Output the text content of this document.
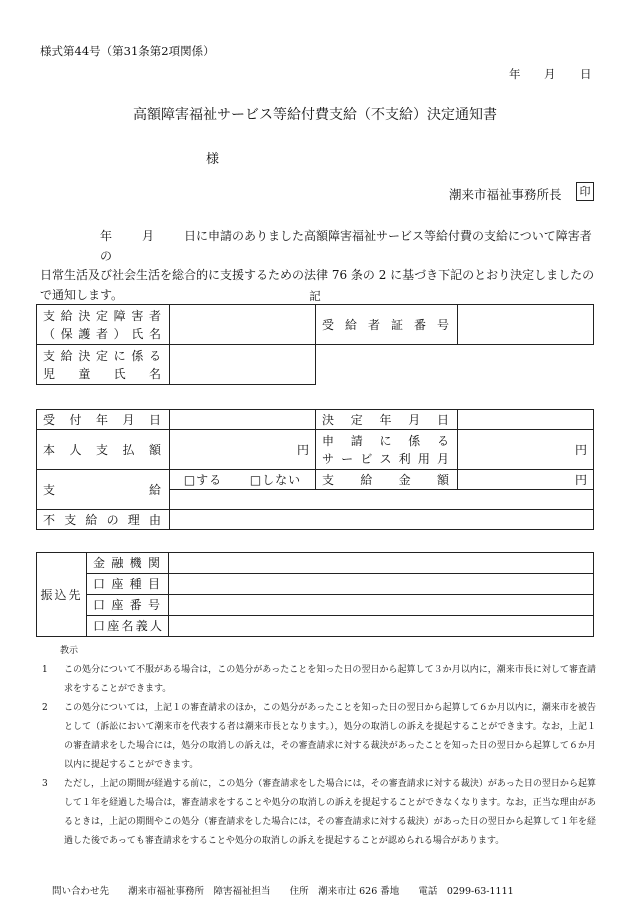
様式第44号（第31条第2項関係）
年 月 日
高額障害福祉サービス等給付費支給（不支給）決定通知書
様
潮来市福祉事務所長	印
年	月	日に申請のありました高額障害福祉サービス等給付費の支給について障害者の
日常生活及び社会生活を総合的に支援するための法律 76 条の 2 に基づき下記のとおり決定しましたの
で通知します。	記
支給決定障害者
（保護者）氏名		受給者証番号	

支給決定に係る
児童氏名			

受付年月日		決定年月日	
本人支払額	円	申請に係る
サービス利用月	円
支給	□する □しない	支給金額	円

不支給の理由			
振込先	金融機関	
	口座種目	
	口座番号	
	口座名義人	
教示
1	この処分について不服がある場合は，この処分があったことを知った日の翌日から起算して３か月以内に，潮来市長に対して審査請求をすることができます。
2	この処分については，上記１の審査請求のほか，この処分があったことを知った日の翌日から起算して６か月以内に，潮来市を被告として（訴訟において潮来市を代表する者は潮来市長となります。），処分の取消しの訴えを提起することができます。なお，上記１の審査請求をした場合には，処分の取消しの訴えは，その審査請求に対する裁決があったことを知った日の翌日から起算して６か月以内に提起することができます。
3	ただし，上記の期間が経過する前に，この処分（審査請求をした場合には，その審査請求に対する裁決）があった日の翌日から起算して１年を経過した場合は，審査請求をすることや処分の取消しの訴えを提起することができなくなります。なお，正当な理由があるときは，上記の期間やこの処分（審査請求をした場合には，その審査請求に対する裁決）があった日の翌日から起算して１年を経過した後であっても審査請求をすることや処分の取消しの訴えを提起することが認められる場合があります。
問い合わせ先 潮来市福祉事務所　障害福祉担当 住所　潮来市辻 626 番地 電話　0299-63-1111
